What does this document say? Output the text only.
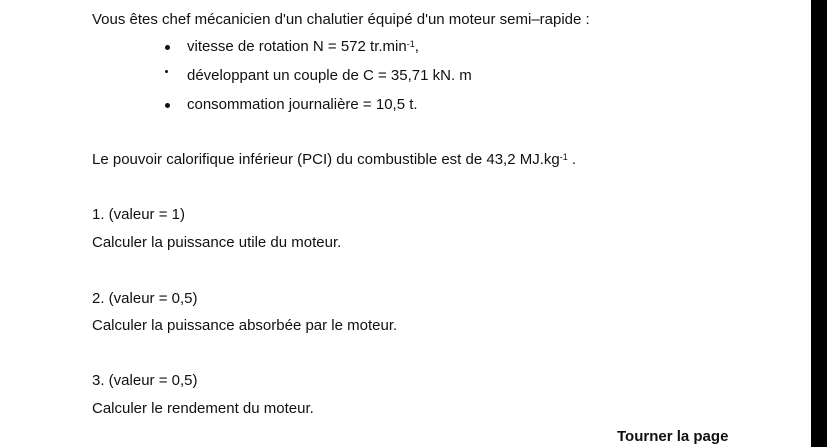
Vous êtes chef mécanicien d'un chalutier équipé d'un moteur semi–rapide :
vitesse de rotation N = 572 $tr.\min^{-1}$,
développant un couple de C = 35,71 kN. m
consommation journalière = 10,5 t.
Le pouvoir calorifique inférieur (PCI) du combustible est de 43,2 $MJ.kg^{-1}$ .
1. (valeur = 1)
Calculer la puissance utile du moteur.
2. (valeur = 0,5)
Calculer la puissance absorbée par le moteur.
3. (valeur = 0,5)
Calculer le rendement du moteur.
Tourner la page
